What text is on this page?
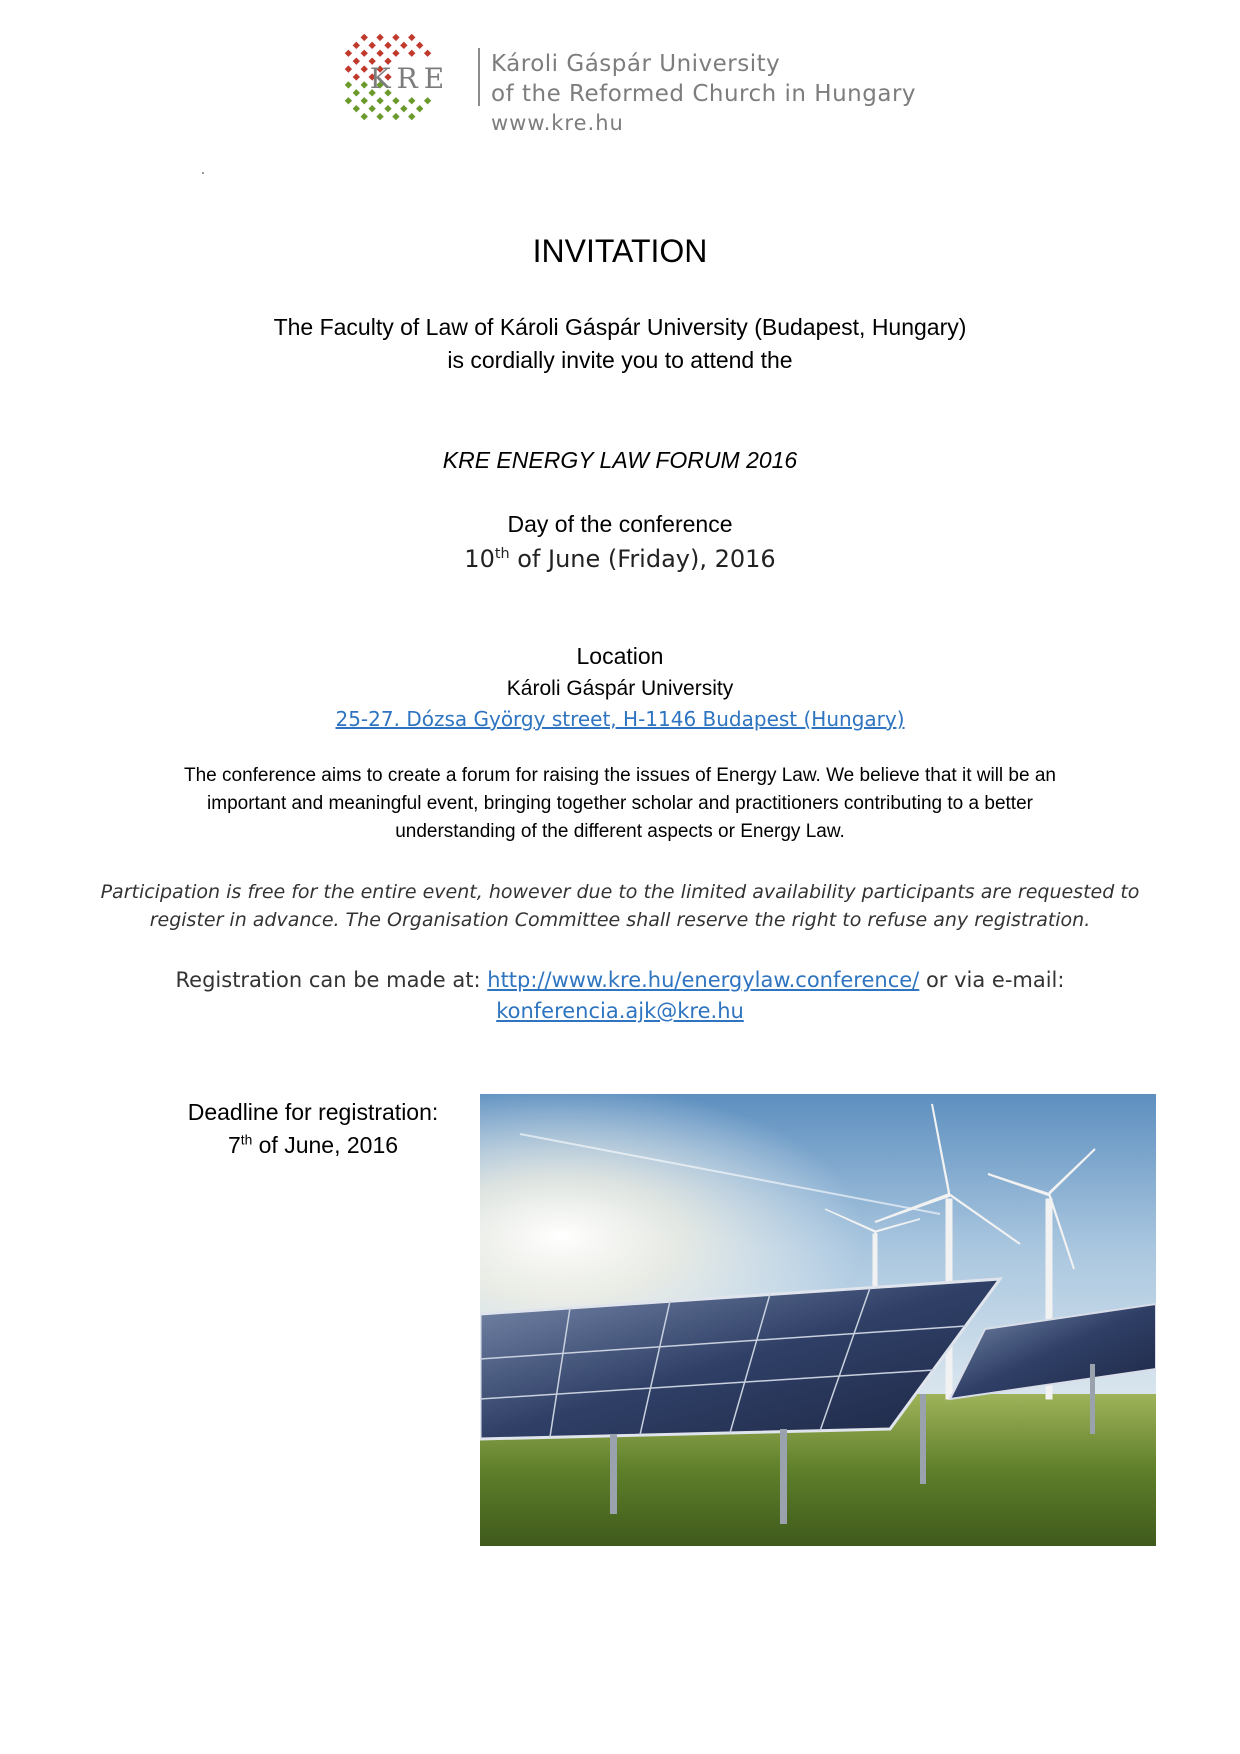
KRE Károli Gáspár University
of the Reformed Church in Hungary
www.kre.hu
INVITATION
The Faculty of Law of Károli Gáspár University (Budapest, Hungary)
is cordially invite you to attend the
KRE ENERGY LAW FORUM 2016
Day of the conference
10th of June (Friday), 2016
Location
Károli Gáspár University
25-27. Dózsa György street, H-1146 Budapest (Hungary)
The conference aims to create a forum for raising the issues of Energy Law. We believe that it will be an
important and meaningful event, bringing together scholar and practitioners contributing to a better
understanding of the different aspects or Energy Law.
Participation is free for the entire event, however due to the limited availability participants are requested to
register in advance. The Organisation Committee shall reserve the right to refuse any registration.
Registration can be made at: http://www.kre.hu/energylaw.conference/ or via e-mail:
konferencia.ajk@kre.hu
Deadline for registration:
7th of June, 2016
